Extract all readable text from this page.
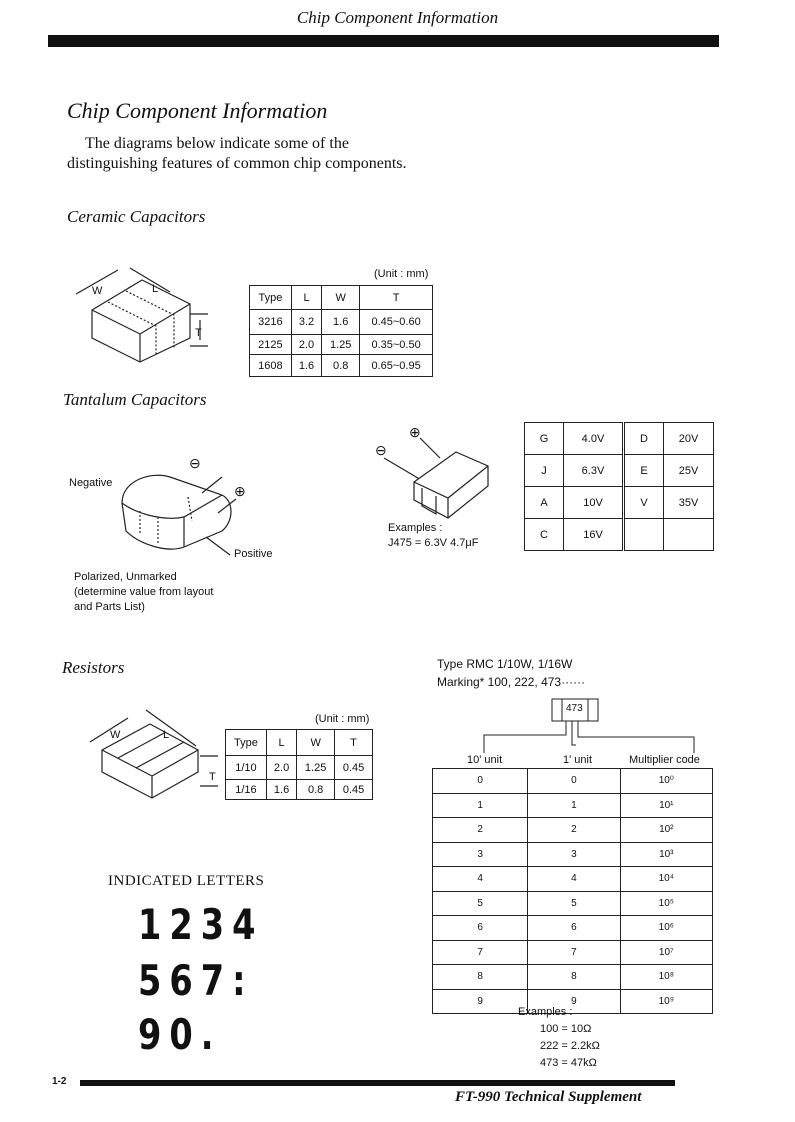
Chip Component Information
Chip Component Information

The diagrams below indicate some of the distinguishing features of common chip components.

Ceramic Capacitors
W	L
T
(Unit : mm)
Type	L	W	T
3216	3.2	1.6	0.45~0.60
2125	2.0	1.25	0.35~0.50
1608	1.6	0.8	0.65~0.95
Tantalum Capacitors
⊖
⊕
Negative
Positive
Polarized, Unmarked
(determine value from layout
and Parts List)
⊕
⊖
Examples :
J475 = 6.3V 4.7μF
G	4.0V	D	20V
J	6.3V	E	25V
A	10V	V	35V
C	16V		
Resistors
W	L
T
(Unit : mm)
Type	L	W	T
1/10	2.0	1.25	0.45
1/16	1.6	0.8	0.45
Type RMC 1/10W, 1/16W
Marking* 100, 222, 473······
473
10' unit	1' unit	Multiplier code
0	0	10⁰
1	1	10¹
2	2	10²
3	3	10³
4	4	10⁴
5	5	10⁵
6	6	10⁶
7	7	10⁷
8	8	10⁸
9	9	10⁹
Examples :
100 = 10Ω
222 = 2.2kΩ
473 = 47kΩ
INDICATED LETTERS
1234
567:
90.
1-2
FT-990 Technical Supplement
